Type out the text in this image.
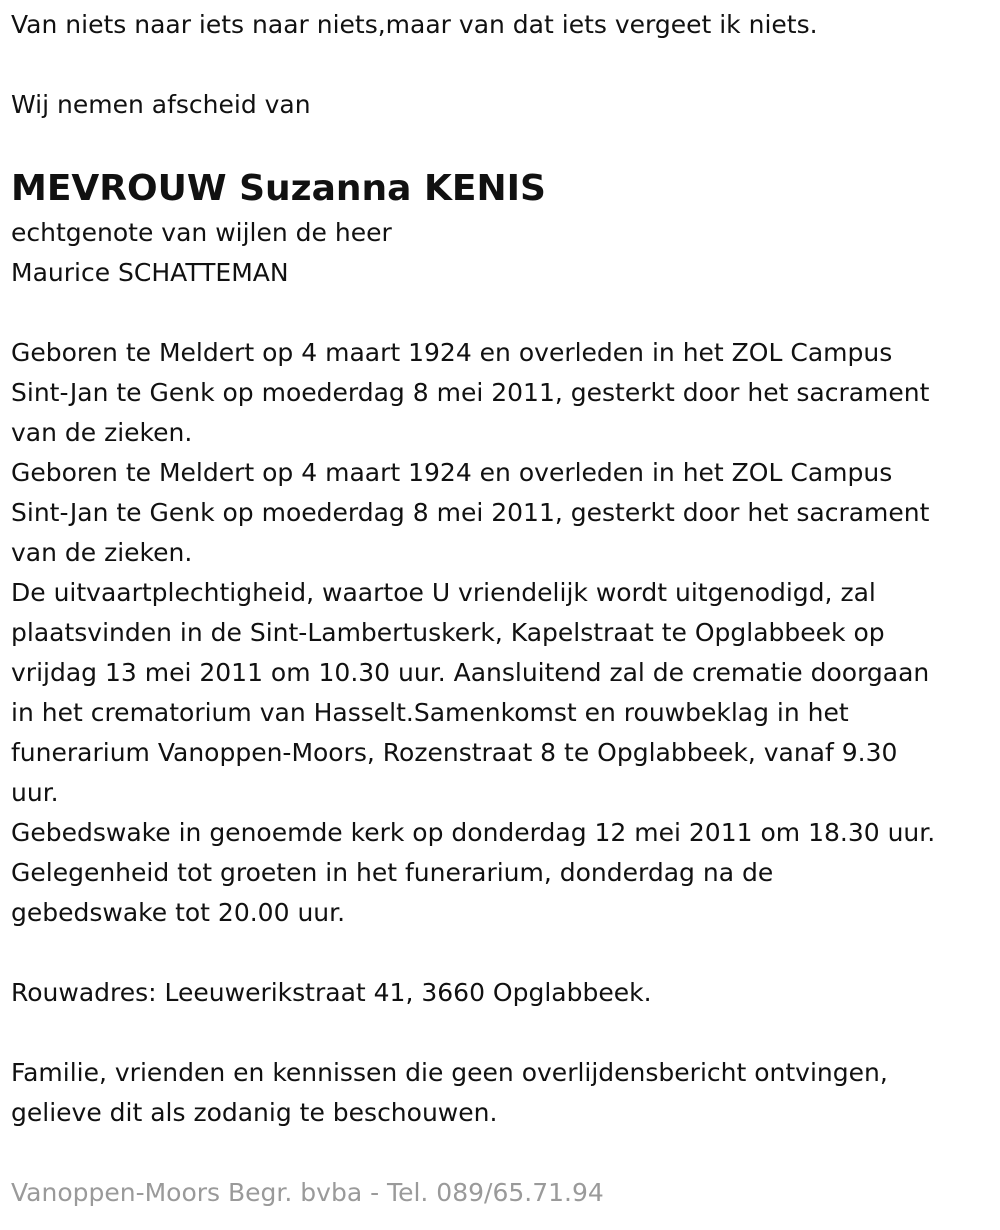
Van niets naar iets naar niets,maar van dat iets vergeet ik niets.
Wij nemen afscheid van
MEVROUW Suzanna KENIS
echtgenote van wijlen de heer
Maurice SCHATTEMAN
Geboren te Meldert op 4 maart 1924 en overleden in het ZOL Campus
Sint-Jan te Genk op moederdag 8 mei 2011, gesterkt door het sacrament
van de zieken.
Geboren te Meldert op 4 maart 1924 en overleden in het ZOL Campus
Sint-Jan te Genk op moederdag 8 mei 2011, gesterkt door het sacrament
van de zieken.
De uitvaartplechtigheid, waartoe U vriendelijk wordt uitgenodigd, zal
plaatsvinden in de Sint-Lambertuskerk, Kapelstraat te Opglabbeek op
vrijdag 13 mei 2011 om 10.30 uur. Aansluitend zal de crematie doorgaan
in het crematorium van Hasselt.Samenkomst en rouwbeklag in het
funerarium Vanoppen-Moors, Rozenstraat 8 te Opglabbeek, vanaf 9.30
uur.
Gebedswake in genoemde kerk op donderdag 12 mei 2011 om 18.30 uur.
Gelegenheid tot groeten in het funerarium, donderdag na de
gebedswake tot 20.00 uur.
Rouwadres: Leeuwerikstraat 41, 3660 Opglabbeek.
Familie, vrienden en kennissen die geen overlijdensbericht ontvingen,
gelieve dit als zodanig te beschouwen.
Vanoppen-Moors Begr. bvba - Tel. 089/65.71.94
